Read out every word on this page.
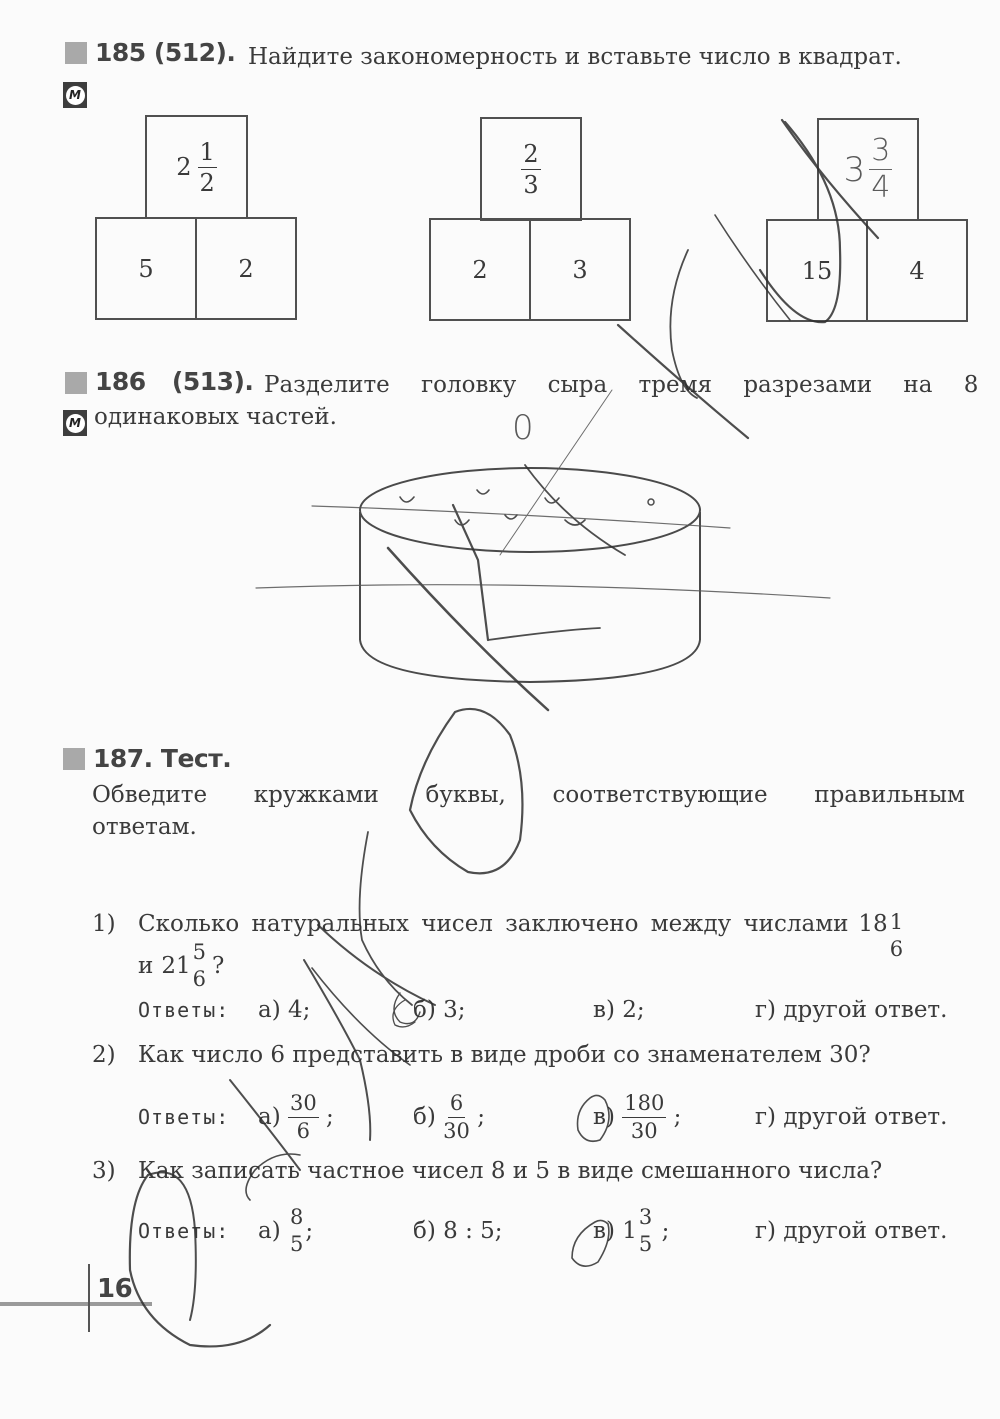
185 (512). Найдите закономерность и вставьте число в квадрат.
М
$2 \frac{1}{2}$
5	2
$\frac{2}{3}$
2	3
$3 \frac{3}{4}$
15	4
186 (513). Разделите головку сыра тремя разрезами на 8
М одинаковых частей.	0
187. Тест.
Обведите кружками буквы, соответствующие правильным
ответам.
1) Сколько натуральных чисел заключено между числами 18 1
6
и 21
5
6 ?
Ответы: а) 4;	б) 3;	в) 2;	г) другой ответ.
2) Как число 6 представить в виде дроби со знаменателем 30?
Ответы: а)
$\frac{30}{6}$
;	б)
$\frac{6}{30}$
;	в)
$\frac{180}{30}$
;	г)
другой ответ.
3) Как записать частное чисел 8 и 5 в виде смешанного числа?
Ответы: а)

8
5 ;	б)
8 : 5;	в)
1
3
5
;	г)
другой ответ.
16
